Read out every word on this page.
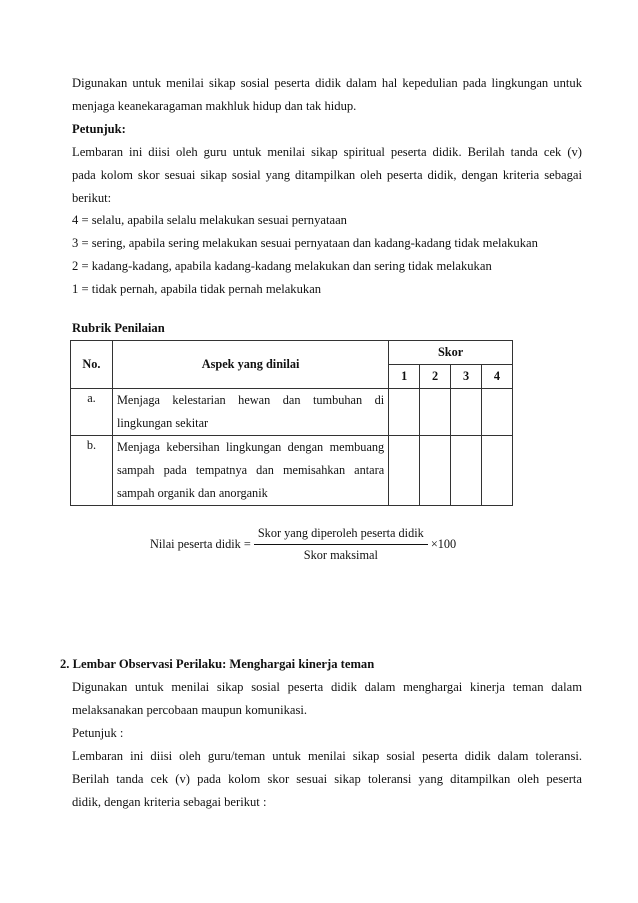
Digunakan untuk menilai sikap sosial peserta didik dalam hal kepedulian pada lingkungan untuk
menjaga keanekaragaman makhluk hidup dan tak hidup.
Petunjuk:
Lembaran ini diisi oleh guru untuk menilai sikap spiritual peserta didik. Berilah tanda cek (v)
pada kolom skor sesuai sikap sosial yang ditampilkan oleh peserta didik, dengan kriteria sebagai
berikut:
4 = selalu, apabila selalu melakukan sesuai pernyataan
3 = sering, apabila sering melakukan sesuai pernyataan dan kadang-kadang tidak melakukan
2 = kadang-kadang, apabila kadang-kadang melakukan dan sering tidak melakukan
1 = tidak pernah, apabila tidak pernah melakukan
Rubrik Penilaian
No.	Aspek yang dinilai	Skor			
		1	2	3	4
a.	Menjaga kelestarian hewan dan tumbuhan di
lingkungan sekitar				

b.	Menjaga kebersihan lingkungan dengan membuang
sampah pada tempatnya dan memisahkan antara
sampah organik dan anorganik				

Nilai peserta didik = $\frac{\text{Skor yang diperoleh peserta didik}}{\text{Skor maksimal}} \times 100$
2. Lembar Observasi Perilaku: Menghargai kinerja teman
Digunakan untuk menilai sikap sosial peserta didik dalam menghargai kinerja teman dalam
melaksanakan percobaan maupun komunikasi.
Petunjuk :
Lembaran ini diisi oleh guru/teman untuk menilai sikap sosial peserta didik dalam toleransi.
Berilah tanda cek (v) pada kolom skor sesuai sikap toleransi yang ditampilkan oleh peserta
didik, dengan kriteria sebagai berikut :
